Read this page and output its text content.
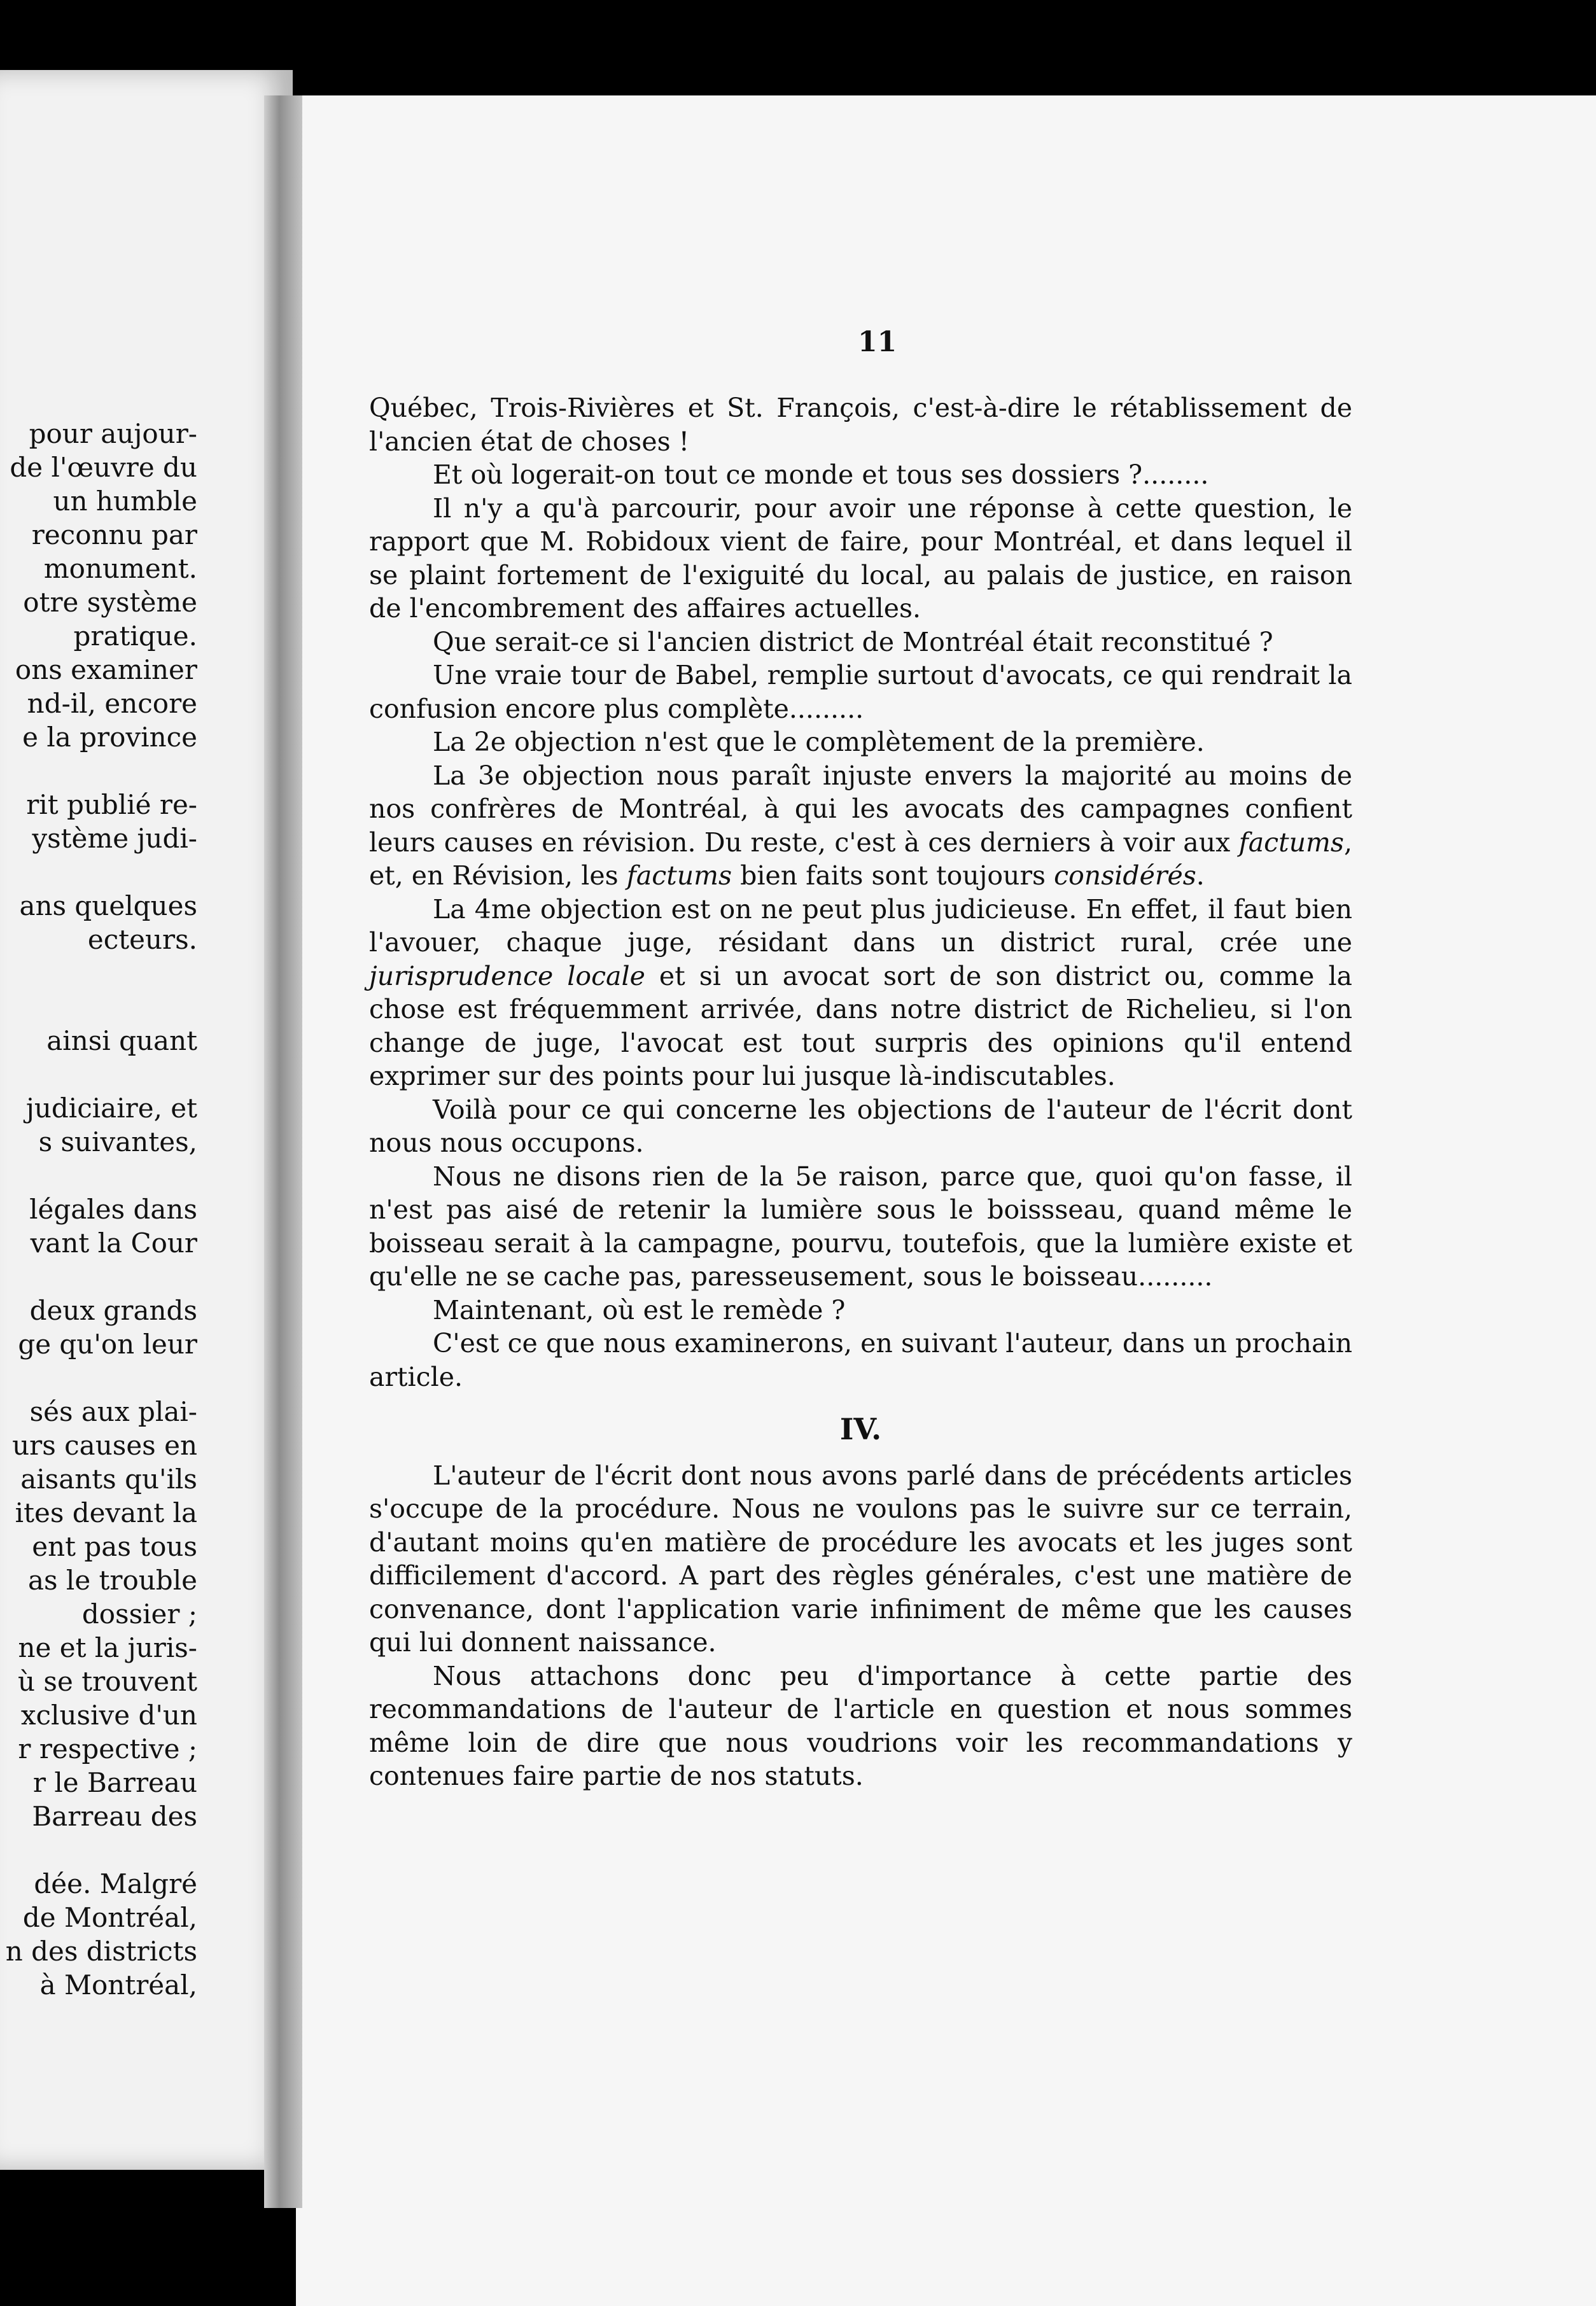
pour aujour-
de l'œuvre du
un humble
reconnu par
monument.
otre système
pratique.
ons examiner
nd-il, encore
e la province
rit publié re-
ystème judi-
ans quelques
ecteurs.
ainsi quant
judiciaire, et
s suivantes,
légales dans
vant la Cour
deux grands
ge qu'on leur
sés aux plai-
urs causes en
aisants qu'ils
ites devant la
ent pas tous
as le trouble
dossier ;
ne et la juris-
ù se trouvent
xclusive d'un
r respective ;
r le Barreau
Barreau des
dée. Malgré
de Montréal,
n des districts
à Montréal,
11

Québec, Trois-Rivières et St. François, c'est-à-dire le rétablissement de l'ancien état de choses !

Et où logerait-on tout ce monde et tous ses dossiers ?........

Il n'y a qu'à parcourir, pour avoir une réponse à cette question, le rapport que M. Robidoux vient de faire, pour Montréal, et dans lequel il se plaint fortement de l'exiguité du local, au palais de justice, en raison de l'encombrement des affaires actuelles.

Que serait-ce si l'ancien district de Montréal était reconstitué ?

Une vraie tour de Babel, remplie surtout d'avocats, ce qui rendrait la confusion encore plus complète.........

La 2e objection n'est que le complètement de la première.

La 3e objection nous paraît injuste envers la majorité au moins de nos confrères de Montréal, à qui les avocats des campagnes confient leurs causes en révision. Du reste, c'est à ces derniers à voir aux factums, et, en Révision, les factums bien faits sont toujours considérés.

La 4me objection est on ne peut plus judicieuse. En effet, il faut bien l'avouer, chaque juge, résidant dans un district rural, crée une jurisprudence locale et si un avocat sort de son district ou, comme la chose est fréquemment arrivée, dans notre district de Richelieu, si l'on change de juge, l'avocat est tout surpris des opinions qu'il entend exprimer sur des points pour lui jusque là-indiscutables.

Voilà pour ce qui concerne les objections de l'auteur de l'écrit dont nous nous occupons.

Nous ne disons rien de la 5e raison, parce que, quoi qu'on fasse, il n'est pas aisé de retenir la lumière sous le boissseau, quand même le boisseau serait à la campagne, pourvu, toutefois, que la lumière existe et qu'elle ne se cache pas, paresseusement, sous le boisseau.........

Maintenant, où est le remède ?

C'est ce que nous examinerons, en suivant l'auteur, dans un prochain article.

IV.

L'auteur de l'écrit dont nous avons parlé dans de précédents articles s'occupe de la procédure. Nous ne voulons pas le suivre sur ce terrain, d'autant moins qu'en matière de procédure les avocats et les juges sont difficilement d'accord. A part des règles générales, c'est une matière de convenance, dont l'application varie infiniment de même que les causes qui lui donnent naissance.

Nous attachons donc peu d'importance à cette partie des recommandations de l'auteur de l'article en question et nous sommes même loin de dire que nous voudrions voir les recommandations y contenues faire partie de nos statuts.
